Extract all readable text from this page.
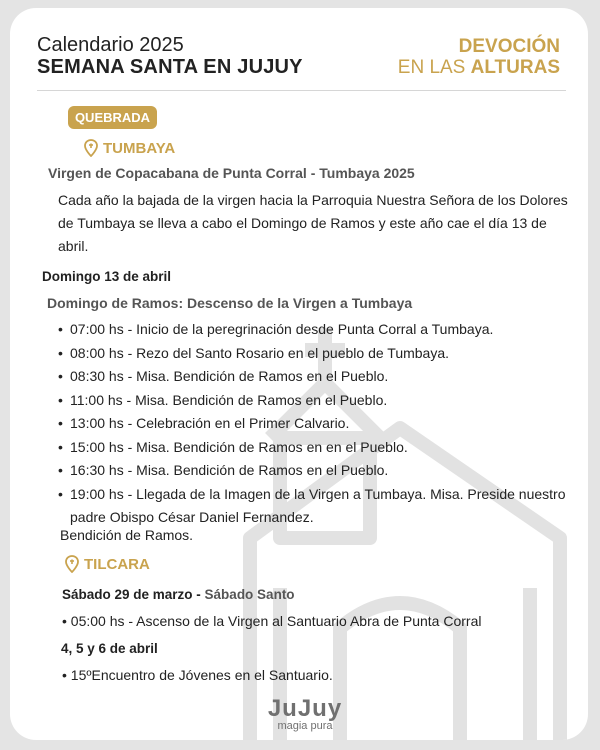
Calendario 2025
SEMANA SANTA EN JUJUY
DEVOCIÓN
EN LAS ALTURAS
QUEBRADA
TUMBAYA
Virgen de Copacabana de Punta Corral - Tumbaya 2025
Cada año la bajada de la virgen hacia la Parroquia Nuestra Señora de los Dolores de Tumbaya se lleva a cabo el Domingo de Ramos y este año cae el día 13 de abril.
Domingo 13 de abril
Domingo de Ramos: Descenso de la Virgen a Tumbaya
• 07:00 hs - Inicio de la peregrinación desde Punta Corral a Tumbaya.
• 08:00 hs - Rezo del Santo Rosario en el pueblo de Tumbaya.
• 08:30 hs - Misa. Bendición de Ramos en el Pueblo.
• 11:00 hs - Misa. Bendición de Ramos en el Pueblo.
• 13:00 hs - Celebración en el Primer Calvario.
• 15:00 hs - Misa. Bendición de Ramos en en el Pueblo.
• 16:30 hs - Misa. Bendición de Ramos en el Pueblo.
• 19:00 hs - Llegada de la Imagen de la Virgen a Tumbaya. Misa. Preside nuestro padre Obispo César Daniel Fernandez.
Bendición de Ramos.
TILCARA
Sábado 29 de marzo - Sábado Santo
• 05:00 hs - Ascenso de la Virgen al Santuario Abra de Punta Corral
4, 5 y 6 de abril
• 15ºEncuentro de Jóvenes en el Santuario.
JuJuy
magia pura
